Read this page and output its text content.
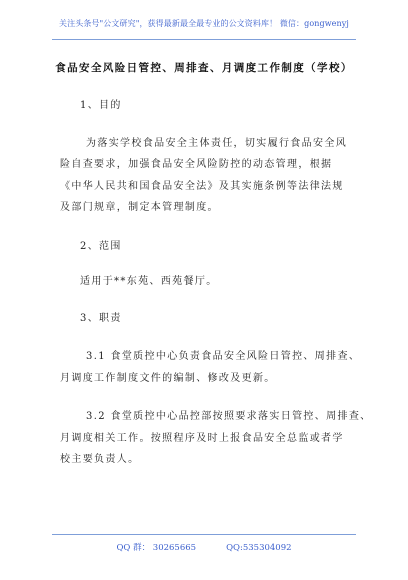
关注头条号"公文研究"，获得最新最全最专业的公文资料库！ 微信：gongwenyj
食品安全风险日管控、周排查、月调度工作制度（学校）
1、目的
为落实学校食品安全主体责任，切实履行食品安全风
险自查要求，加强食品安全风险防控的动态管理，根据
《中华人民共和国食品安全法》及其实施条例等法律法规
及部门规章，制定本管理制度。
2、范围
适用于**东苑、西苑餐厅。
3、职责
3.1 食堂质控中心负责食品安全风险日管控、周排查、
月调度工作制度文件的编制、修改及更新。
3.2 食堂质控中心品控部按照要求落实日管控、周排查、
月调度相关工作。按照程序及时上报食品安全总监或者学
校主要负责人。
QQ 群： 30265665	QQ:535304092
